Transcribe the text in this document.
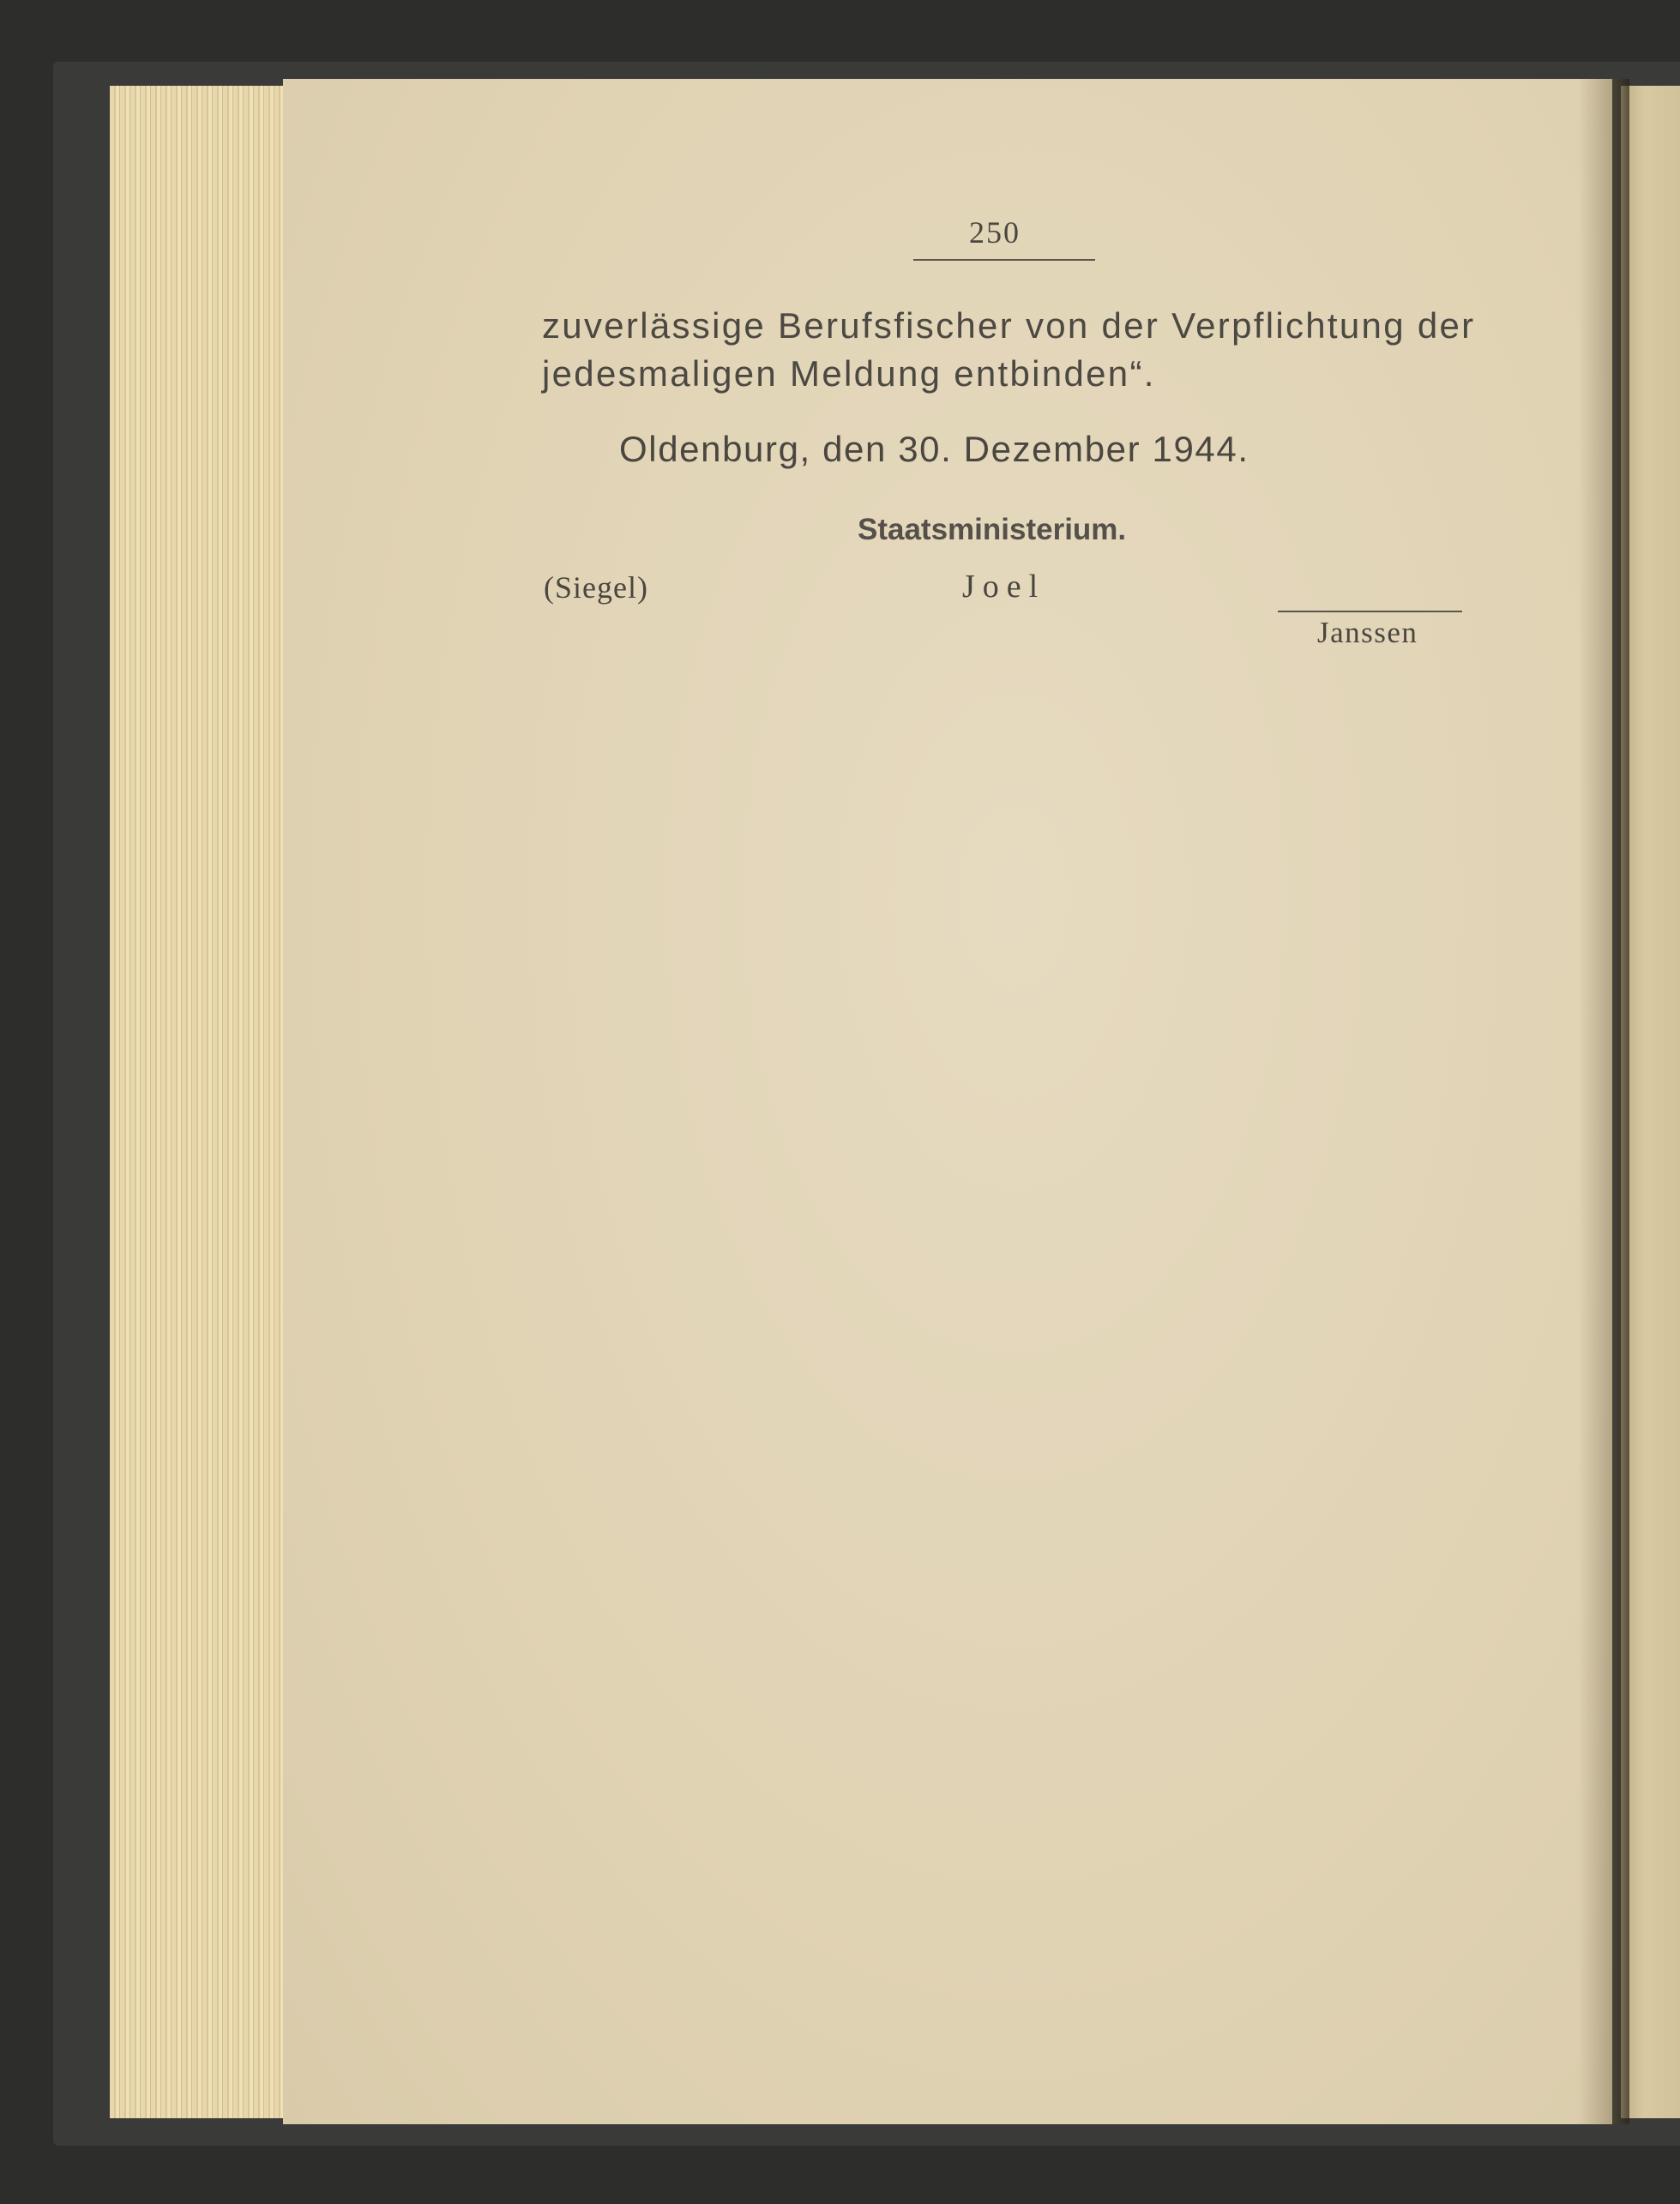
250

zuverlässige Berufsfischer von der Verpflichtung der

jedesmaligen Meldung entbinden“.

Oldenburg, den 30. Dezember 1944.

Staatsministerium.

(Siegel)	Joel

Janssen
